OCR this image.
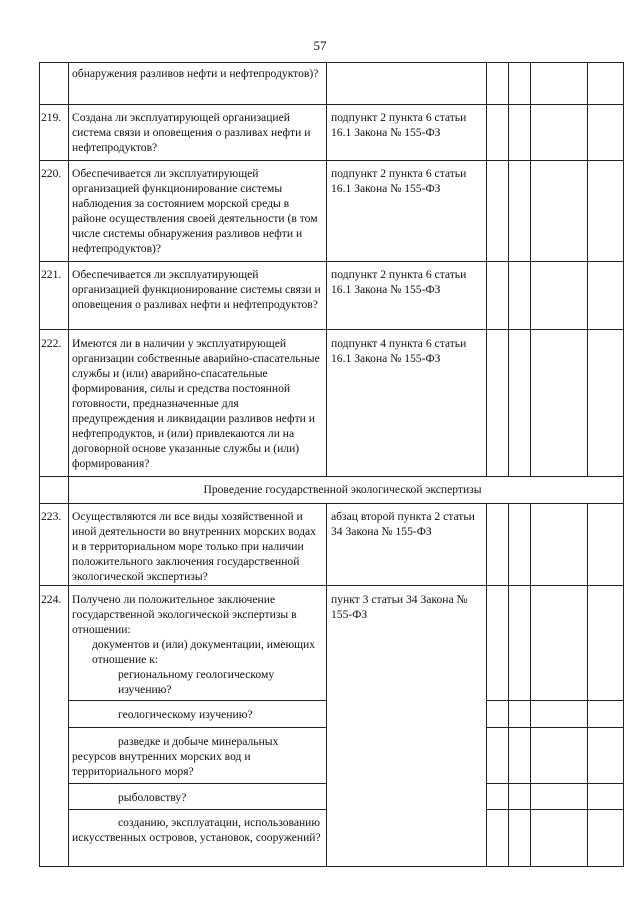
57
обнаружения разливов нефти и нефтепродуктов)?
219. Создана ли эксплуатирующей организацией система связи и оповещения о разливах нефти и нефтепродуктов?
подпункт 2 пункта 6 статьи 16.1 Закона № 155-ФЗ
220. Обеспечивается ли эксплуатирующей организацией функционирование системы наблюдения за состоянием морской среды в районе осуществления своей деятельности (в том числе системы обнаружения разливов нефти и нефтепродуктов)?
подпункт 2 пункта 6 статьи 16.1 Закона № 155-ФЗ
221. Обеспечивается ли эксплуатирующей организацией функционирование системы связи и оповещения о разливах нефти и нефтепродуктов?
подпункт 2 пункта 6 статьи 16.1 Закона № 155-ФЗ
222. Имеются ли в наличии у эксплуатирующей организации собственные аварийно-спасательные службы и (или) аварийно-спасательные формирования, силы и средства постоянной готовности, предназначенные для предупреждения и ликвидации разливов нефти и нефтепродуктов, и (или) привлекаются ли на договорной основе указанные службы и (или) формирования?
подпункт 4 пункта 6 статьи 16.1 Закона № 155-ФЗ
Проведение государственной экологической экспертизы
223. Осуществляются ли все виды хозяйственной и иной деятельности во внутренних морских водах и в территориальном море только при наличии положительного заключения государственной экологической экспертизы?
абзац второй пункта 2 статьи 34 Закона № 155-ФЗ
224. Получено ли положительное заключение государственной экологической экспертизы в отношении:
документов и (или) документации, имеющих отношение к:
региональному геологическому изучению?
пункт 3 статьи 34 Закона № 155-ФЗ
геологическому изучению?
разведке и добыче минеральных ресурсов внутренних морских вод и территориального моря?
рыболовству?
созданию, эксплуатации, использованию искусственных островов, установок, сооружений?
